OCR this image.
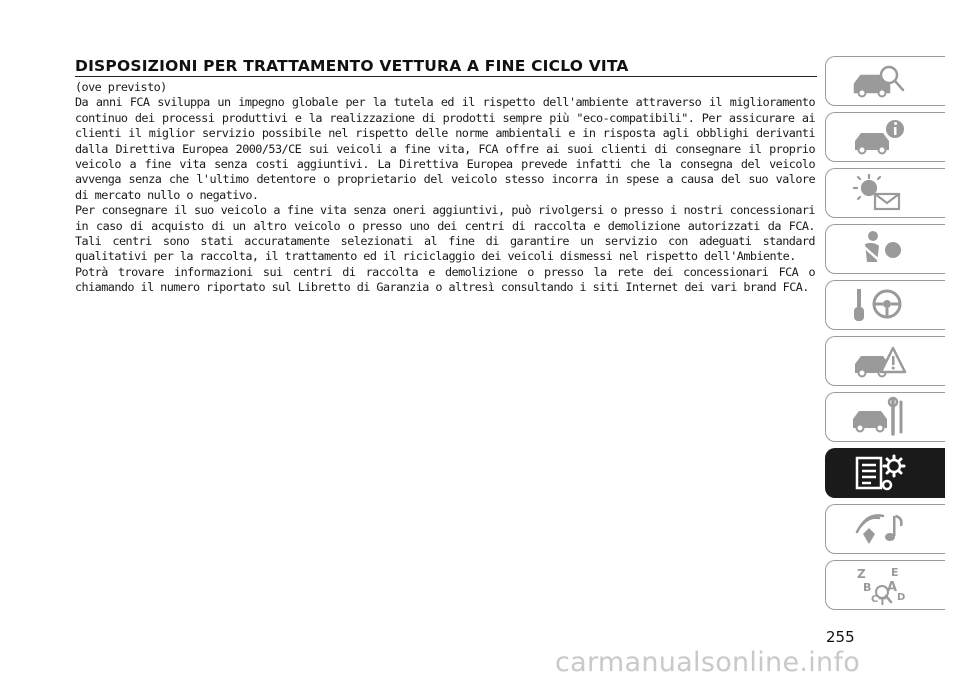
DISPOSIZIONI PER TRATTAMENTO VETTURA A FINE CICLO VITA

(ove previsto)

Da anni FCA sviluppa un impegno globale per la tutela ed il rispetto dell'ambiente attraverso il miglioramento continuo dei processi produttivi e la realizzazione di prodotti sempre più "eco-compatibili". Per assicurare ai clienti il miglior servizio possibile nel rispetto delle norme ambientali e in risposta agli obblighi derivanti dalla Direttiva Europea 2000/53/CE sui veicoli a fine vita, FCA offre ai suoi clienti di consegnare il proprio veicolo a fine vita senza costi aggiuntivi. La Direttiva Europea prevede infatti che la consegna del veicolo avvenga senza che l'ultimo detentore o proprietario del veicolo stesso incorra in spese a causa del suo valore di mercato nullo o negativo.

Per consegnare il suo veicolo a fine vita senza oneri aggiuntivi, può rivolgersi o presso i nostri concessionari in caso di acquisto di un altro veicolo o presso uno dei centri di raccolta e demolizione autorizzati da FCA. Tali centri sono stati accuratamente selezionati al fine di garantire un servizio con adeguati standard qualitativi per la raccolta, il trattamento ed il riciclaggio dei veicoli dismessi nel rispetto dell'Ambiente.

Potrà trovare informazioni sui centri di raccolta e demolizione o presso la rete dei concessionari FCA o chiamando il numero riportato sul Libretto di Garanzia o altresì consultando i siti Internet dei vari brand FCA.

Z E
B A
C T D
255
carmanualsonline.info
